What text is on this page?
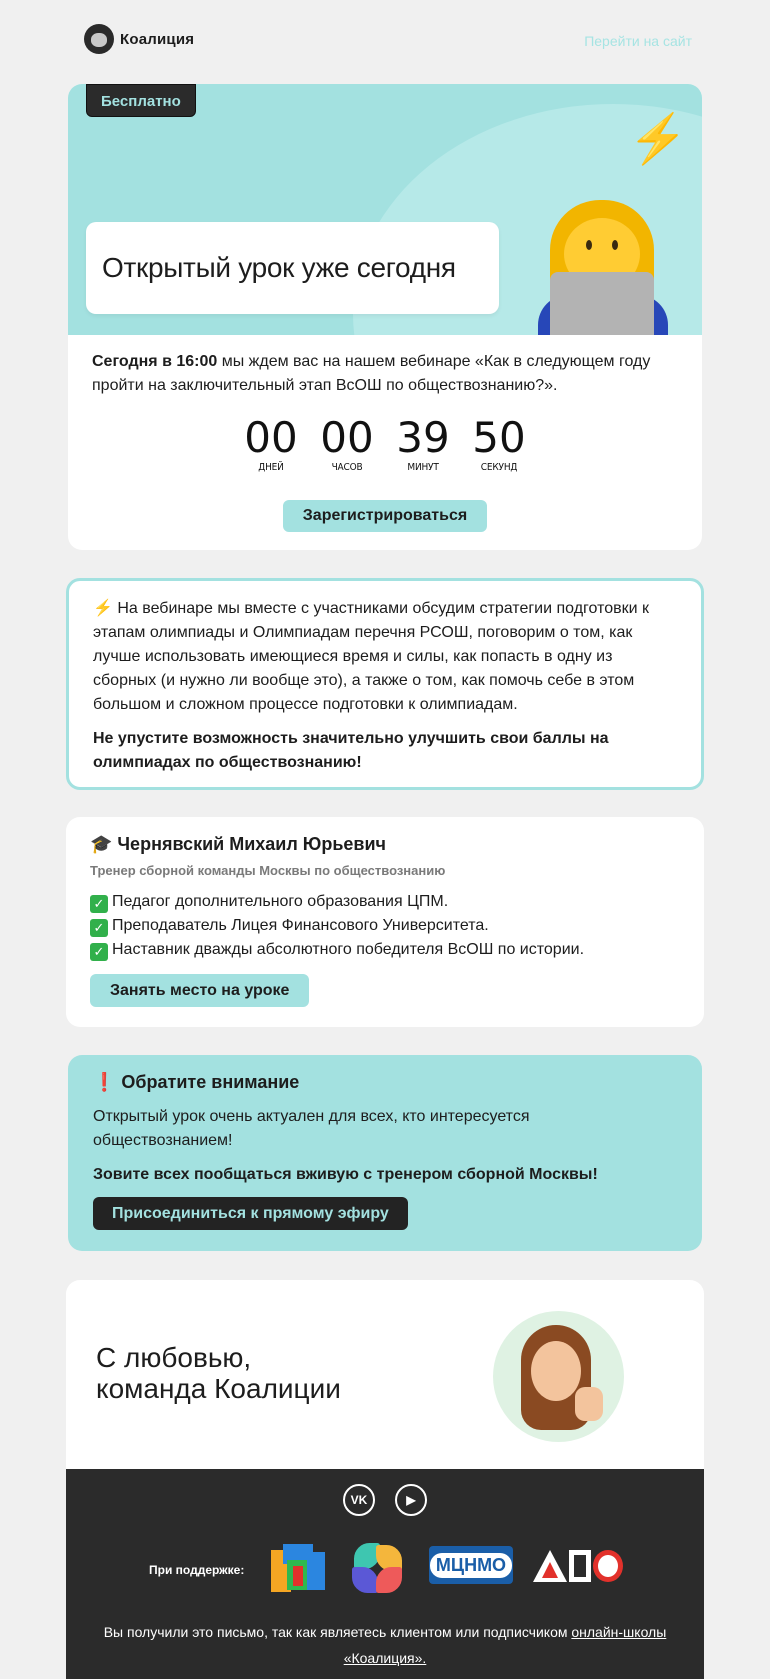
Коалиция	Перейти на сайт
Бесплатно
⚡
Открытый урок уже сегодня

Сегодня в 16:00 мы ждем вас на нашем вебинаре «Как в следующем году пройти на заключительный этап ВсОШ по обществознанию?».

00
ДНЕЙ
00
ЧАСОВ
39
МИНУТ
50
СЕКУНД
Зарегистрироваться

⚡ На вебинаре мы вместе с участниками обсудим стратегии подготовки к этапам олимпиады и Олимпиадам перечня РСОШ, поговорим о том, как лучше использовать имеющиеся время и силы, как попасть в одну из сборных (и нужно ли вообще это), а также о том, как помочь себе в этом большом и сложном процессе подготовки к олимпиадам.

Не упустите возможность значительно улучшить свои баллы на олимпиадах по обществознанию!

🎓 Чернявский Михаил Юрьевич
Тренер сборной команды Москвы по обществознанию
✓ Педагог дополнительного образования ЦПМ.
✓ Преподаватель Лицея Финансового Университета.
✓ Наставник дважды абсолютного победителя ВсОШ по истории.
Занять место на уроке
❗ Обратите внимание

Открытый урок очень актуален для всех, кто интересуется обществознанием!

Зовите всех пообщаться вживую с тренером сборной Москвы!

Присоединиться к прямому эфиру
С любовью,
команда Коалиции
VK	▶
При поддержке:	МЦНМО

Вы получили это письмо, так как являетесь клиентом или подписчиком онлайн-школы «Коалиция».
